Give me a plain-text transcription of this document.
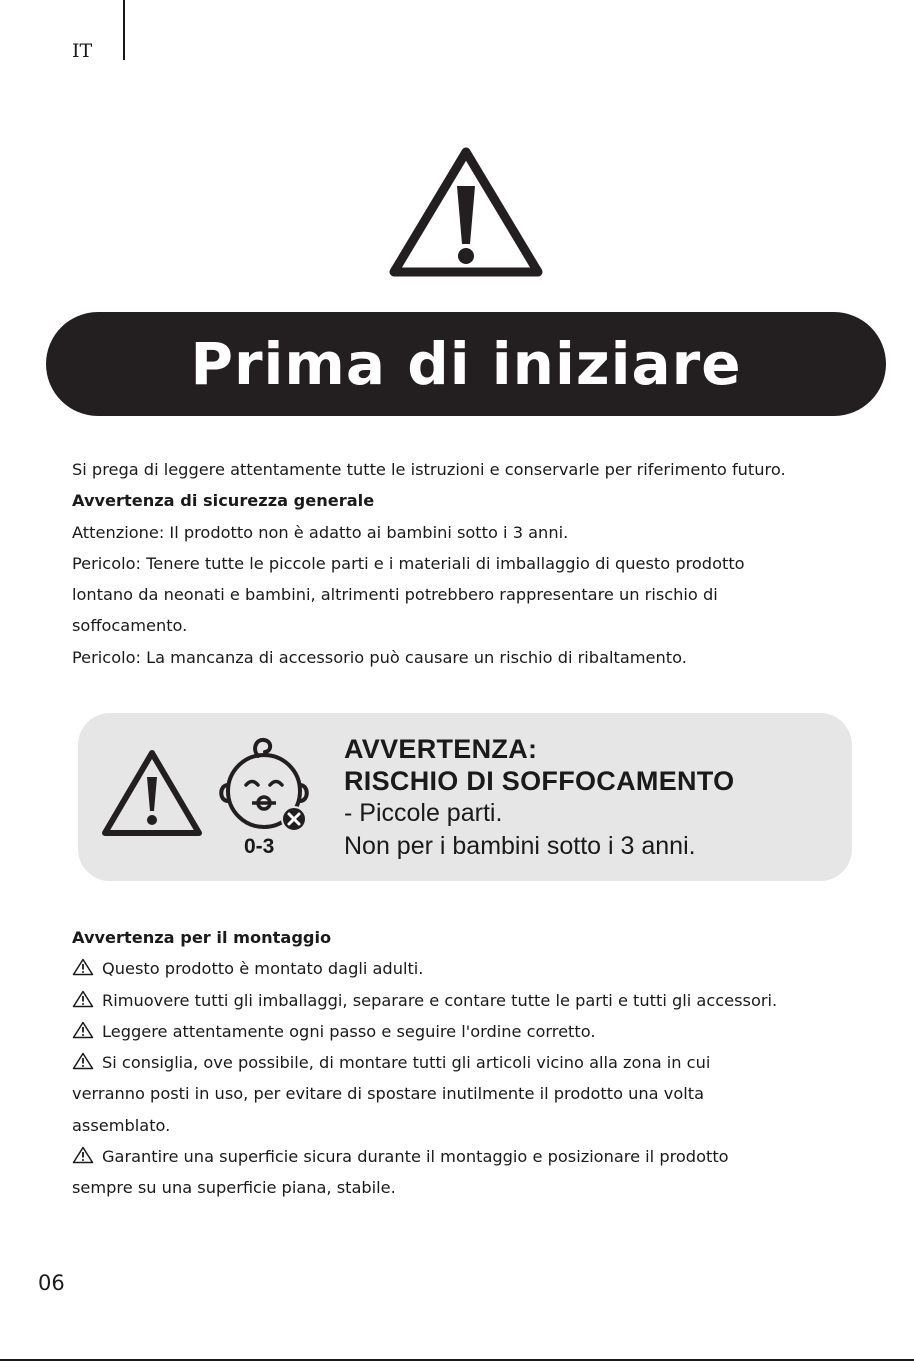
IT
Prima di iniziare

Si prega di leggere attentamente tutte le istruzioni e conservarle per riferimento futuro.

Avvertenza di sicurezza generale

Attenzione: Il prodotto non è adatto ai bambini sotto i 3 anni.

Pericolo: Tenere tutte le piccole parti e i materiali di imballaggio di questo prodotto

lontano da neonati e bambini, altrimenti potrebbero rappresentare un rischio di

soffocamento.

Pericolo: La mancanza di accessorio può causare un rischio di ribaltamento.

0-3

AVVERTENZA:

RISCHIO DI SOFFOCAMENTO

- Piccole parti.

Non per i bambini sotto i 3 anni.

Avvertenza per il montaggio

Questo prodotto è montato dagli adulti.

Rimuovere tutti gli imballaggi, separare e contare tutte le parti e tutti gli accessori.

Leggere attentamente ogni passo e seguire l'ordine corretto.

Si consiglia, ove possibile, di montare tutti gli articoli vicino alla zona in cui

verranno posti in uso, per evitare di spostare inutilmente il prodotto una volta

assemblato.

Garantire una superficie sicura durante il montaggio e posizionare il prodotto

sempre su una superficie piana, stabile.

06
